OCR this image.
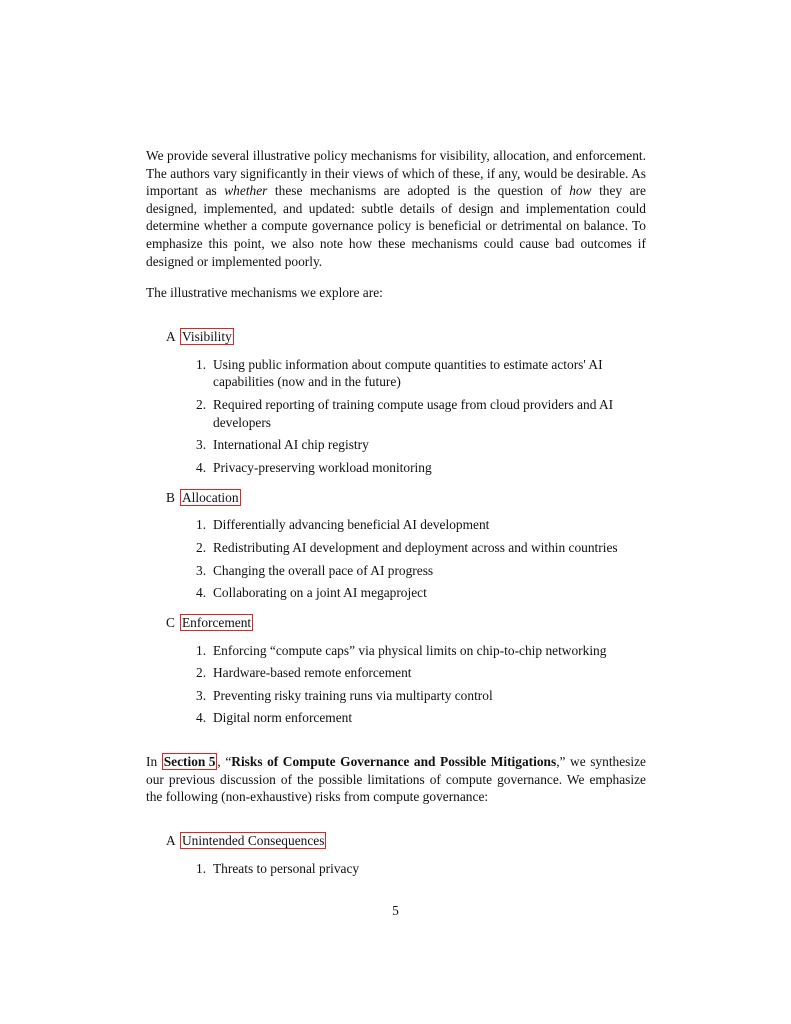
We provide several illustrative policy mechanisms for visibility, allocation, and enforcement. The authors vary significantly in their views of which of these, if any, would be desirable. As important as whether these mechanisms are adopted is the question of how they are designed, implemented, and updated: subtle details of design and implementation could determine whether a compute governance policy is beneficial or detrimental on balance. To emphasize this point, we also note how these mechanisms could cause bad outcomes if designed or implemented poorly.

The illustrative mechanisms we explore are:

A Visibility
1. Using public information about compute quantities to estimate actors' AI capabilities (now and in the future)
2. Required reporting of training compute usage from cloud providers and AI developers
3. International AI chip registry
4. Privacy-preserving workload monitoring
B Allocation
1. Differentially advancing beneficial AI development
2. Redistributing AI development and deployment across and within countries
3. Changing the overall pace of AI progress
4. Collaborating on a joint AI megaproject
C Enforcement
1. Enforcing “compute caps” via physical limits on chip-to-chip networking
2. Hardware-based remote enforcement
3. Preventing risky training runs via multiparty control
4. Digital norm enforcement

In Section 5 , “Risks of Compute Governance and Possible Mitigations,” we synthesize our previous discussion of the possible limitations of compute governance. We emphasize the following (non-exhaustive) risks from compute governance:

A Unintended Consequences
1. Threats to personal privacy
5
